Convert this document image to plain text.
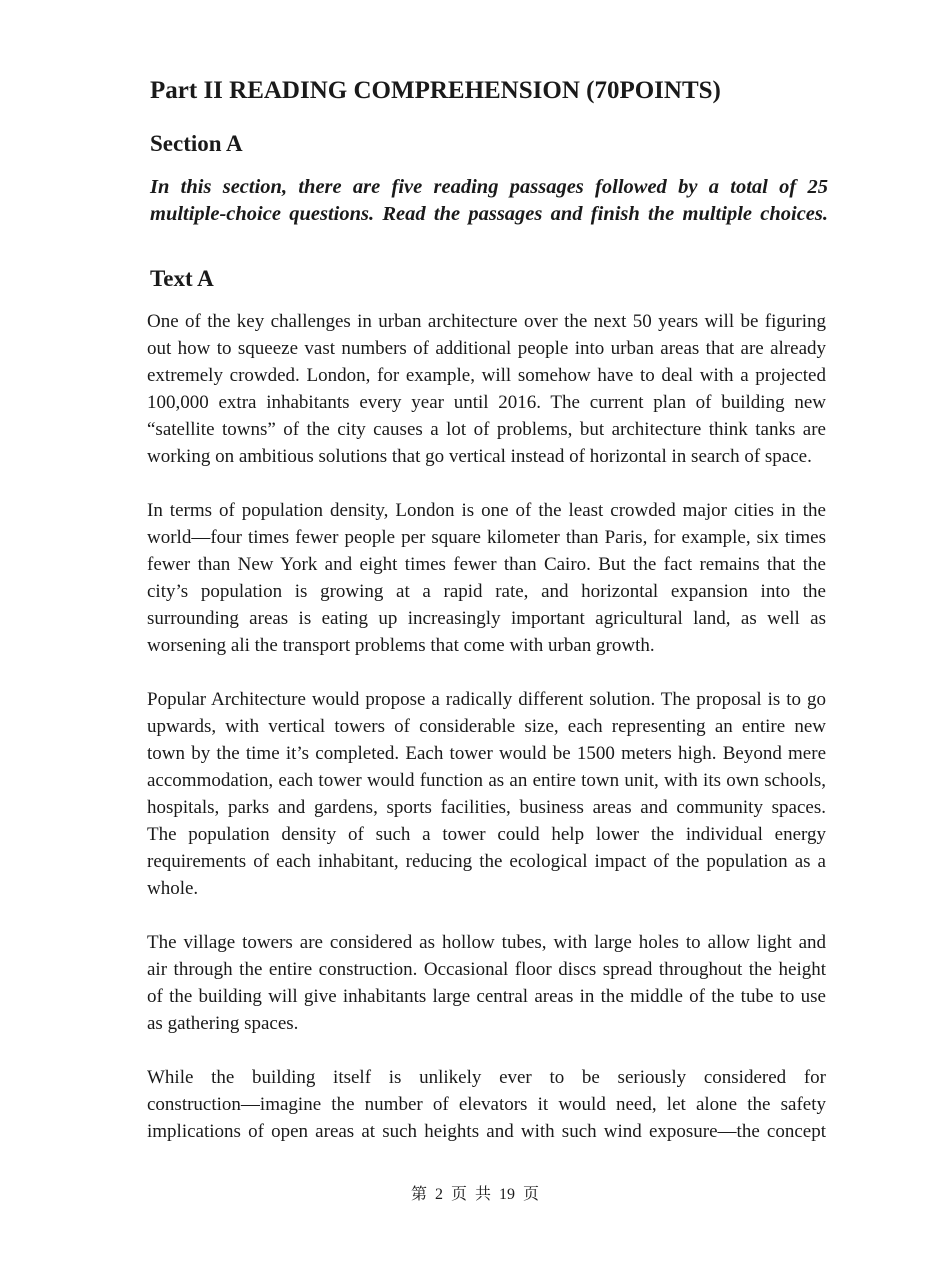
Part II READING COMPREHENSION (70POINTS)
Section A
In this section, there are five reading passages followed by a total of 25
multiple-choice questions. Read the passages and finish the multiple choices.
Text A
One of the key challenges in urban architecture over the next 50 years will be figuring
out how to squeeze vast numbers of additional people into urban areas that are already
extremely crowded. London, for example, will somehow have to deal with a projected
100,000 extra inhabitants every year until 2016. The current plan of building new
“satellite towns” of the city causes a lot of problems, but architecture think tanks are
working on ambitious solutions that go vertical instead of horizontal in search of space.
In terms of population density, London is one of the least crowded major cities in the
world—four times fewer people per square kilometer than Paris, for example, six times
fewer than New York and eight times fewer than Cairo. But the fact remains that the
city’s population is growing at a rapid rate, and horizontal expansion into the
surrounding areas is eating up increasingly important agricultural land, as well as
worsening ali the transport problems that come with urban growth.
Popular Architecture would propose a radically different solution. The proposal is to go
upwards, with vertical towers of considerable size, each representing an entire new
town by the time it’s completed. Each tower would be 1500 meters high. Beyond mere
accommodation, each tower would function as an entire town unit, with its own schools,
hospitals, parks and gardens, sports facilities, business areas and community spaces.
The population density of such a tower could help lower the individual energy
requirements of each inhabitant, reducing the ecological impact of the population as a
whole.
The village towers are considered as hollow tubes, with large holes to allow light and
air through the entire construction. Occasional floor discs spread throughout the height
of the building will give inhabitants large central areas in the middle of the tube to use
as gathering spaces.
While the building itself is unlikely ever to be seriously considered for
construction—imagine the number of elevators it would need, let alone the safety
implications of open areas at such heights and with such wind exposure—the concept
第 2 页 共 19 页
